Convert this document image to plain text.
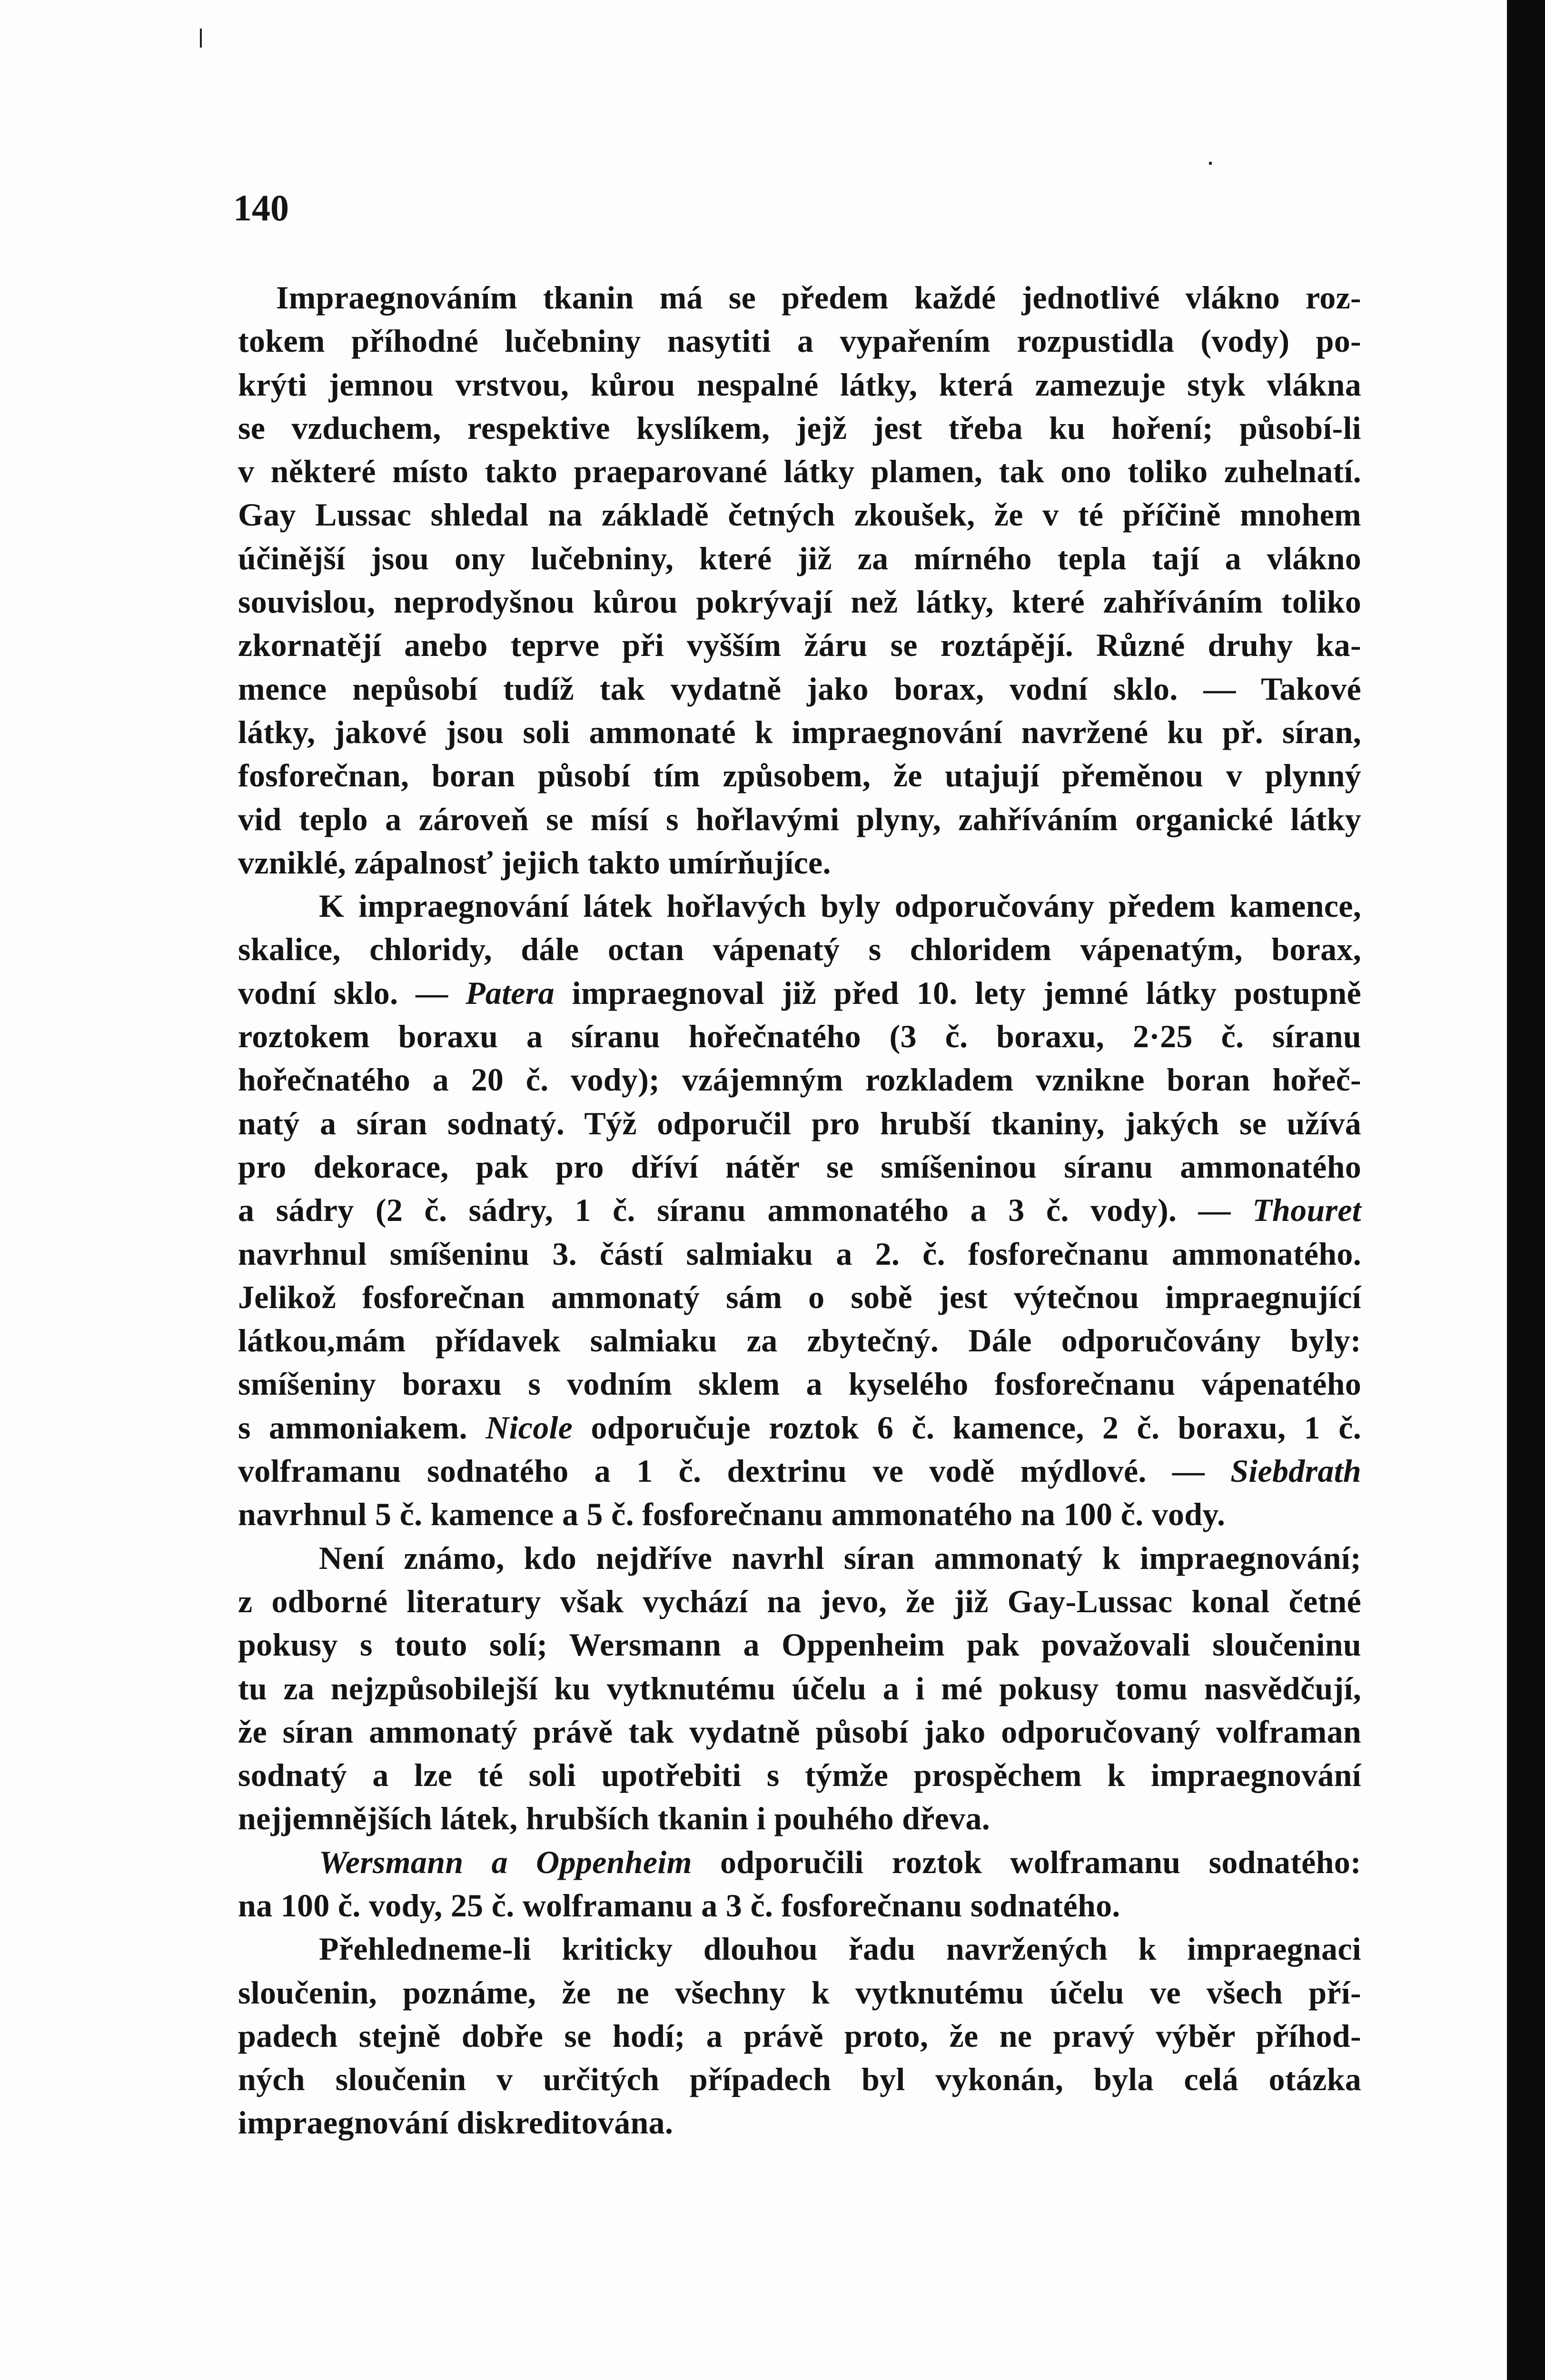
140
Impraegnováním tkanin má se předem každé jednotlivé vlákno roz-
tokem příhodné lučebniny nasytiti a vypařením rozpustidla (vody) po-
krýti jemnou vrstvou, kůrou nespalné látky, která zamezuje styk vlákna
se vzduchem, respektive kyslíkem, jejž jest třeba ku hoření; působí-li
v některé místo takto praeparované látky plamen, tak ono toliko zuhelnatí.
Gay Lussac shledal na základě četných zkoušek, že v té příčině mnohem
účinější jsou ony lučebniny, které již za mírného tepla tají a vlákno
souvislou, neprodyšnou kůrou pokrývají než látky, které zahříváním toliko
zkornatějí anebo teprve při vyšším žáru se roztápějí. Různé druhy ka-
mence nepůsobí tudíž tak vydatně jako borax, vodní sklo. — Takové
látky, jakové jsou soli ammonaté k impraegnování navržené ku př. síran,
fosforečnan, boran působí tím způsobem, že utajují přeměnou v plynný
vid teplo a zároveň se mísí s hořlavými plyny, zahříváním organické látky
vzniklé, zápalnosť jejich takto umírňujíce.
K impraegnování látek hořlavých byly odporučovány předem kamence,
skalice, chloridy, dále octan vápenatý s chloridem vápenatým, borax,
vodní sklo. — Patera impraegnoval již před 10. lety jemné látky postupně
roztokem boraxu a síranu hořečnatého (3 č. boraxu, 2·25 č. síranu
hořečnatého a 20 č. vody); vzájemným rozkladem vznikne boran hořeč-
natý a síran sodnatý. Týž odporučil pro hrubší tkaniny, jakých se užívá
pro dekorace, pak pro dříví nátěr se smíšeninou síranu ammonatého
a sádry (2 č. sádry, 1 č. síranu ammonatého a 3 č. vody). — Thouret
navrhnul smíšeninu 3. částí salmiaku a 2. č. fosforečnanu ammonatého.
Jelikož fosforečnan ammonatý sám o sobě jest výtečnou impraegnující
látkou,mám přídavek salmiaku za zbytečný. Dále odporučovány byly:
smíšeniny boraxu s vodním sklem a kyselého fosforečnanu vápenatého
s ammoniakem. Nicole odporučuje roztok 6 č. kamence, 2 č. boraxu, 1 č.
volframanu sodnatého a 1 č. dextrinu ve vodě mýdlové. — Siebdrath
navrhnul 5 č. kamence a 5 č. fosforečnanu ammonatého na 100 č. vody.
Není známo, kdo nejdříve navrhl síran ammonatý k impraegnování;
z odborné literatury však vychází na jevo, že již Gay-Lussac konal četné
pokusy s touto solí; Wersmann a Oppenheim pak považovali sloučeninu
tu za nejzpůsobilejší ku vytknutému účelu a i mé pokusy tomu nasvědčují,
že síran ammonatý právě tak vydatně působí jako odporučovaný volframan
sodnatý a lze té soli upotřebiti s týmže prospěchem k impraegnování
nejjemnějších látek, hrubších tkanin i pouhého dřeva.
Wersmann a Oppenheim odporučili roztok wolframanu sodnatého:
na 100 č. vody, 25 č. wolframanu a 3 č. fosforečnanu sodnatého.
Přehledneme-li kriticky dlouhou řadu navržených k impraegnaci
sloučenin, poznáme, že ne všechny k vytknutému účelu ve všech pří-
padech stejně dobře se hodí; a právě proto, že ne pravý výběr příhod-
ných sloučenin v určitých případech byl vykonán, byla celá otázka
impraegnování diskreditována.
